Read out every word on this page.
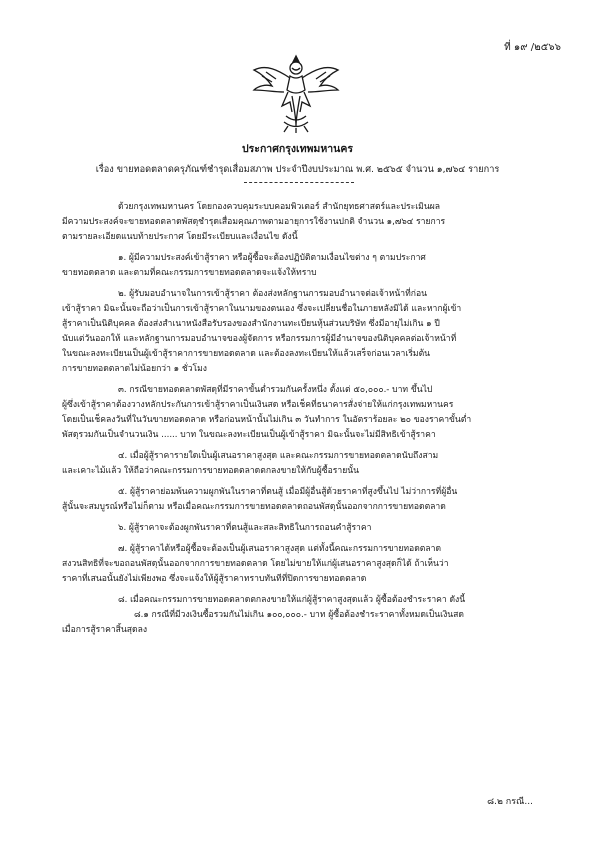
ที่ ๑๙ /๒๕๖๖
ประกาศกรุงเทพมหานคร
เรื่อง ขายทอดตลาดครุภัณฑ์ชำรุดเสื่อมสภาพ ประจำปีงบประมาณ พ.ศ. ๒๕๖๕ จำนวน ๑,๗๖๔ รายการ
ด้วยกรุงเทพมหานคร โดยกองควบคุมระบบคอมพิวเตอร์ สำนักยุทธศาสตร์และประเมินผล
มีความประสงค์จะขายทอดตลาดพัสดุชำรุดเสื่อมคุณภาพตามอายุการใช้งานปกติ จำนวน ๑,๗๖๔ รายการ
ตามรายละเอียดแนบท้ายประกาศ โดยมีระเบียบและเงื่อนไข ดังนี้
๑. ผู้มีความประสงค์เข้าสู้ราคา หรือผู้ซื้อจะต้องปฏิบัติตามเงื่อนไขต่าง ๆ ตามประกาศ
ขายทอดตลาด และตามที่คณะกรรมการขายทอดตลาดจะแจ้งให้ทราบ
๒. ผู้รับมอบอำนาจในการเข้าสู้ราคา ต้องส่งหลักฐานการมอบอำนาจต่อเจ้าหน้าที่ก่อน
เข้าสู้ราคา มิฉะนั้นจะถือว่าเป็นการเข้าสู้ราคาในนามของตนเอง ซึ่งจะเปลี่ยนชื่อในภายหลังมิได้ และหากผู้เข้า
สู้ราคาเป็นนิติบุคคล ต้องส่งสำเนาหนังสือรับรองของสำนักงานทะเบียนหุ้นส่วนบริษัท ซึ่งมีอายุไม่เกิน ๑ ปี
นับแต่วันออกให้ และหลักฐานการมอบอำนาจของผู้จัดการ หรือกรรมการผู้มีอำนาจของนิติบุคคลต่อเจ้าหน้าที่
ในขณะลงทะเบียนเป็นผู้เข้าสู้ราคาการขายทอดตลาด และต้องลงทะเบียนให้แล้วเสร็จก่อนเวลาเริ่มต้น
การขายทอดตลาดไม่น้อยกว่า ๑ ชั่วโมง
๓. กรณีขายทอดตลาดพัสดุที่มีราคาขั้นต่ำรวมกันครั้งหนึ่ง ตั้งแต่ ๕๐,๐๐๐.- บาท ขึ้นไป
ผู้ซึ่งเข้าสู้ราคาต้องวางหลักประกันการเข้าสู้ราคาเป็นเงินสด หรือเช็คที่ธนาคารสั่งจ่ายให้แก่กรุงเทพมหานคร
โดยเป็นเช็คลงวันที่ในวันขายทอดตลาด หรือก่อนหน้านั้นไม่เกิน ๓ วันทำการ ในอัตราร้อยละ ๒๐ ของราคาขั้นต่ำ
พัสดุรวมกันเป็นจำนวนเงิน ...... บาท ในขณะลงทะเบียนเป็นผู้เข้าสู้ราคา มิฉะนั้นจะไม่มีสิทธิเข้าสู้ราคา
๔. เมื่อผู้สู้ราคารายใดเป็นผู้เสนอราคาสูงสุด และคณะกรรมการขายทอดตลาดนับถึงสาม
และเคาะไม้แล้ว ให้ถือว่าคณะกรรมการขายทอดตลาดตกลงขายให้กับผู้ซื้อรายนั้น
๕. ผู้สู้ราคาย่อมพ้นความผูกพันในราคาที่ตนสู้ เมื่อมีผู้อื่นสู้ด้วยราคาที่สูงขึ้นไป ไม่ว่าการที่ผู้อื่น
สู้นั้นจะสมบูรณ์หรือไม่ก็ตาม หรือเมื่อคณะกรรมการขายทอดตลาดถอนพัสดุนั้นออกจากการขายทอดตลาด
๖. ผู้สู้ราคาจะต้องผูกพันราคาที่ตนสู้และสละสิทธิในการถอนคำสู้ราคา
๗. ผู้สู้ราคาได้หรือผู้ซื้อจะต้องเป็นผู้เสนอราคาสูงสุด แต่ทั้งนี้คณะกรรมการขายทอดตลาด
สงวนสิทธิที่จะขอถอนพัสดุนั้นออกจากการขายทอดตลาด โดยไม่ขายให้แก่ผู้เสนอราคาสูงสุดก็ได้ ถ้าเห็นว่า
ราคาที่เสนอนั้นยังไม่เพียงพอ ซึ่งจะแจ้งให้ผู้สู้ราคาทราบทันทีที่ปิดการขายทอดตลาด
๘. เมื่อคณะกรรมการขายทอดตลาดตกลงขายให้แก่ผู้สู้ราคาสูงสุดแล้ว ผู้ซื้อต้องชำระราคา ดังนี้
๘.๑ กรณีที่มีวงเงินซื้อรวมกันไม่เกิน ๑๐๐,๐๐๐.- บาท ผู้ซื้อต้องชำระราคาทั้งหมดเป็นเงินสด
เมื่อการสู้ราคาสิ้นสุดลง
๘.๒ กรณี...
